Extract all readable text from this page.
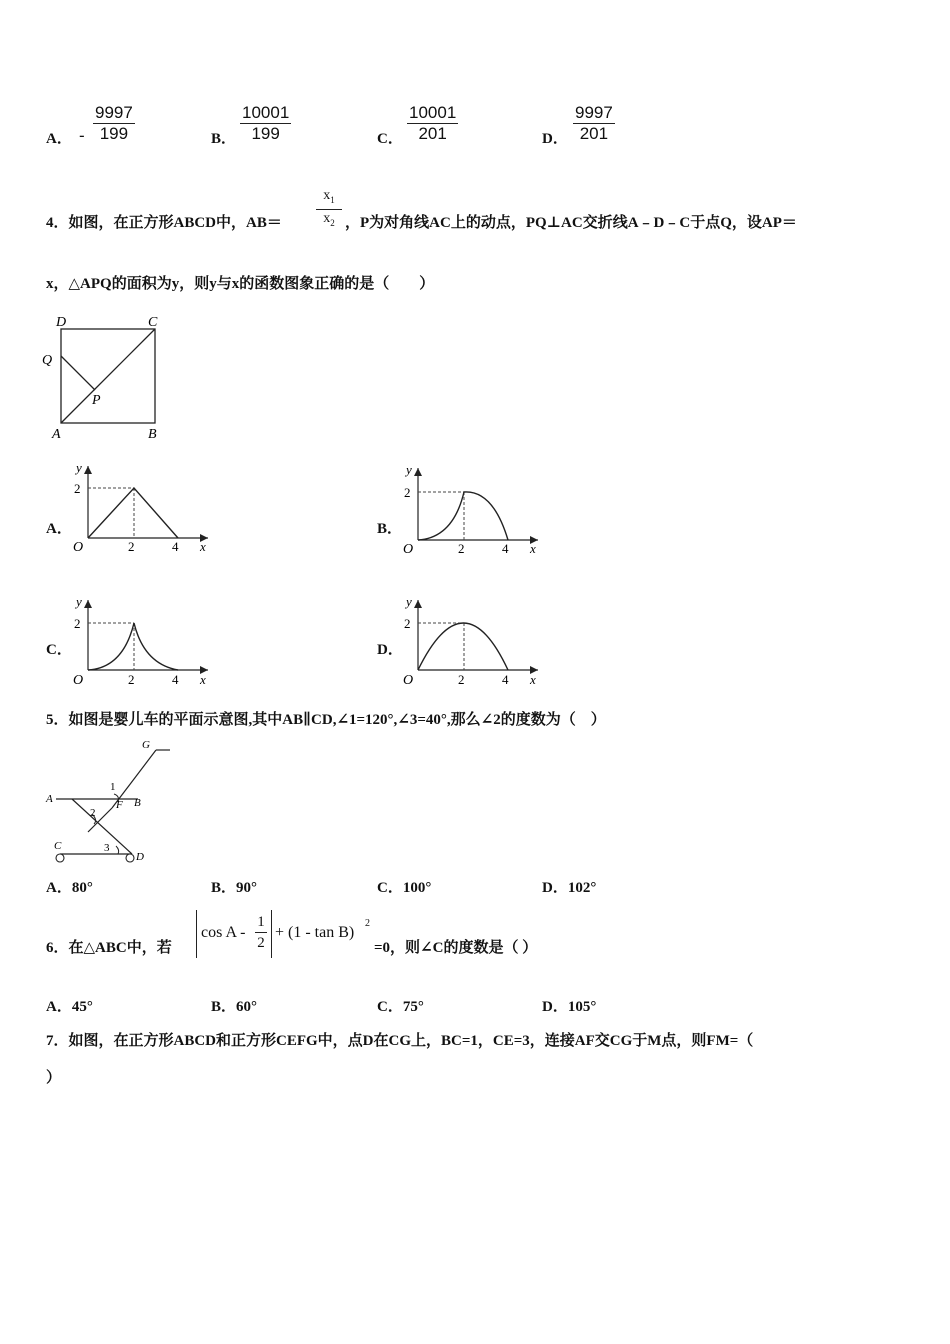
A． - $\frac{9997}{199}$	B． $\frac{10001}{199}$	C． $\frac{10001}{201}$	D． $\frac{9997}{201}$
4．如图，在正方形ABCD中，AB＝
$x_1$
$x_2$ ，P为对角线AC上的动点，PQ⊥AC交折线A﹣D﹣C于点Q，设AP＝
x，△APQ的面积为y，则y与x的函数图象正确的是（　　）
D	C
Q
P
A	B
A．	B．
C．	D．
y
2
O	2	4 x
y
2
O	2	4 x
y
2
O	2	4 x
y
2
O	2	4 x
5．如图是婴儿车的平面示意图,其中AB∥CD,∠1=120°,∠3=40°,那么∠2的度数为（　）
G
A	B
F
C
D
1
2
3
A．80°	B．90°	C．100°	D．102°
6．在△ABC中，若
$\cos A - \frac{1}{2} + (1 - \tan B)$
2
=0，则∠C的度数是（ ）
A．45°	B．60°	C．75°	D．105°
7．如图，在正方形ABCD和正方形CEFG中，点D在CG上，BC=1，CE=3，连接AF交CG于M点，则FM=（
）
